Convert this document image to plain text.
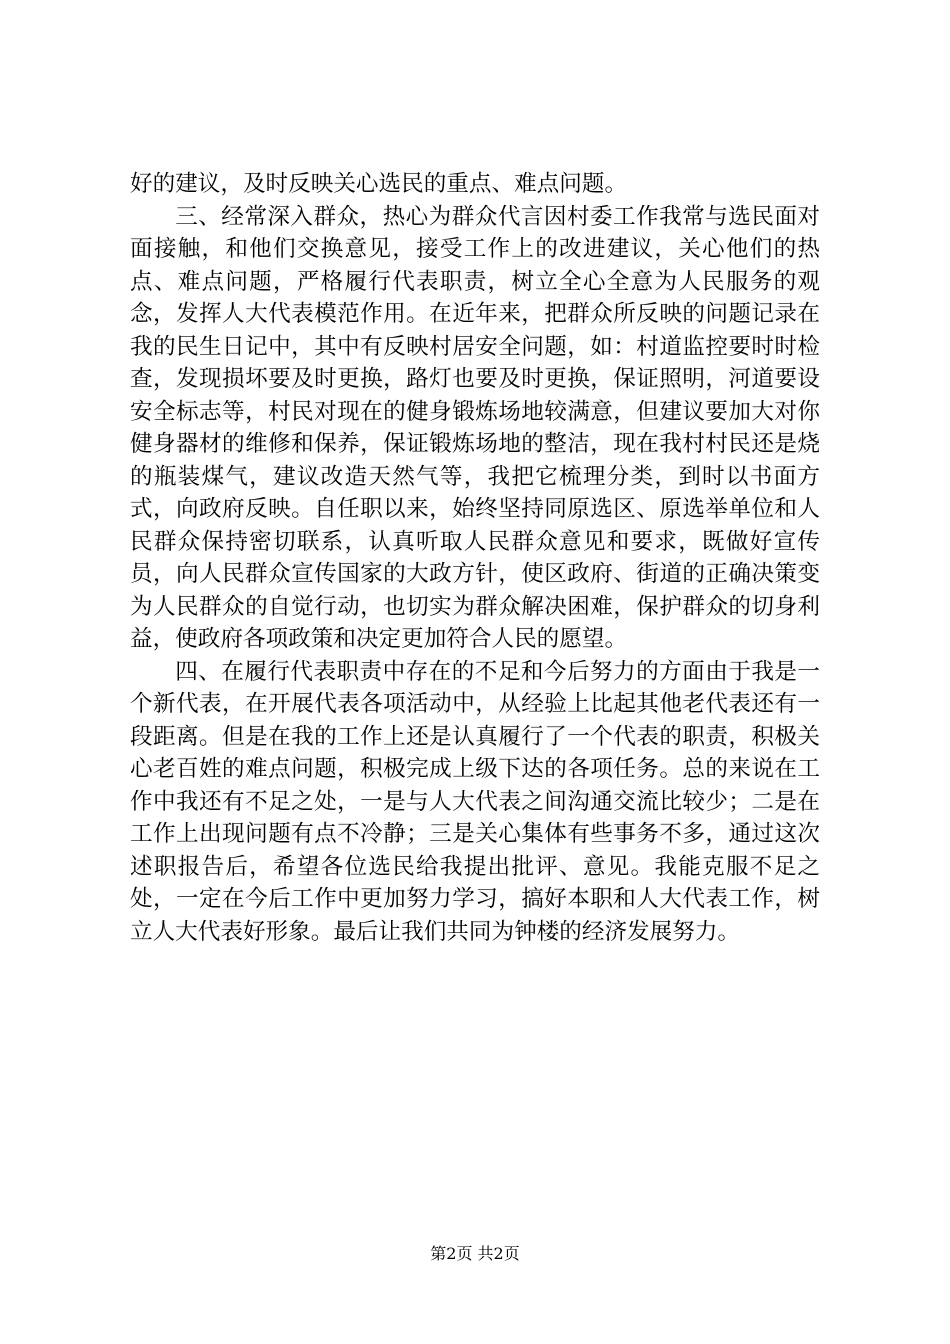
好的建议，及时反映关心选民的重点、难点问题。

三、经常深入群众，热心为群众代言因村委工作我常与选民面对面接触，和他们交换意见，接受工作上的改进建议，关心他们的热点、难点问题，严格履行代表职责，树立全心全意为人民服务的观念，发挥人大代表模范作用。在近年来，把群众所反映的问题记录在我的民生日记中，其中有反映村居安全问题，如：村道监控要时时检查，发现损坏要及时更换，路灯也要及时更换，保证照明，河道要设安全标志等，村民对现在的健身锻炼场地较满意，但建议要加大对你健身器材的维修和保养，保证锻炼场地的整洁，现在我村村民还是烧的瓶装煤气，建议改造天然气等，我把它梳理分类，到时以书面方式，向政府反映。自任职以来，始终坚持同原选区、原选举单位和人民群众保持密切联系，认真听取人民群众意见和要求，既做好宣传员，向人民群众宣传国家的大政方针，使区政府、街道的正确决策变为人民群众的自觉行动，也切实为群众解决困难，保护群众的切身利益，使政府各项政策和决定更加符合人民的愿望。

四、在履行代表职责中存在的不足和今后努力的方面由于我是一个新代表，在开展代表各项活动中，从经验上比起其他老代表还有一段距离。但是在我的工作上还是认真履行了一个代表的职责，积极关心老百姓的难点问题，积极完成上级下达的各项任务。总的来说在工作中我还有不足之处，一是与人大代表之间沟通交流比较少；二是在工作上出现问题有点不冷静；三是关心集体有些事务不多，通过这次述职报告后，希望各位选民给我提出批评、意见。我能克服不足之处，一定在今后工作中更加努力学习，搞好本职和人大代表工作，树立人大代表好形象。最后让我们共同为钟楼的经济发展努力。

第2页 共2页
